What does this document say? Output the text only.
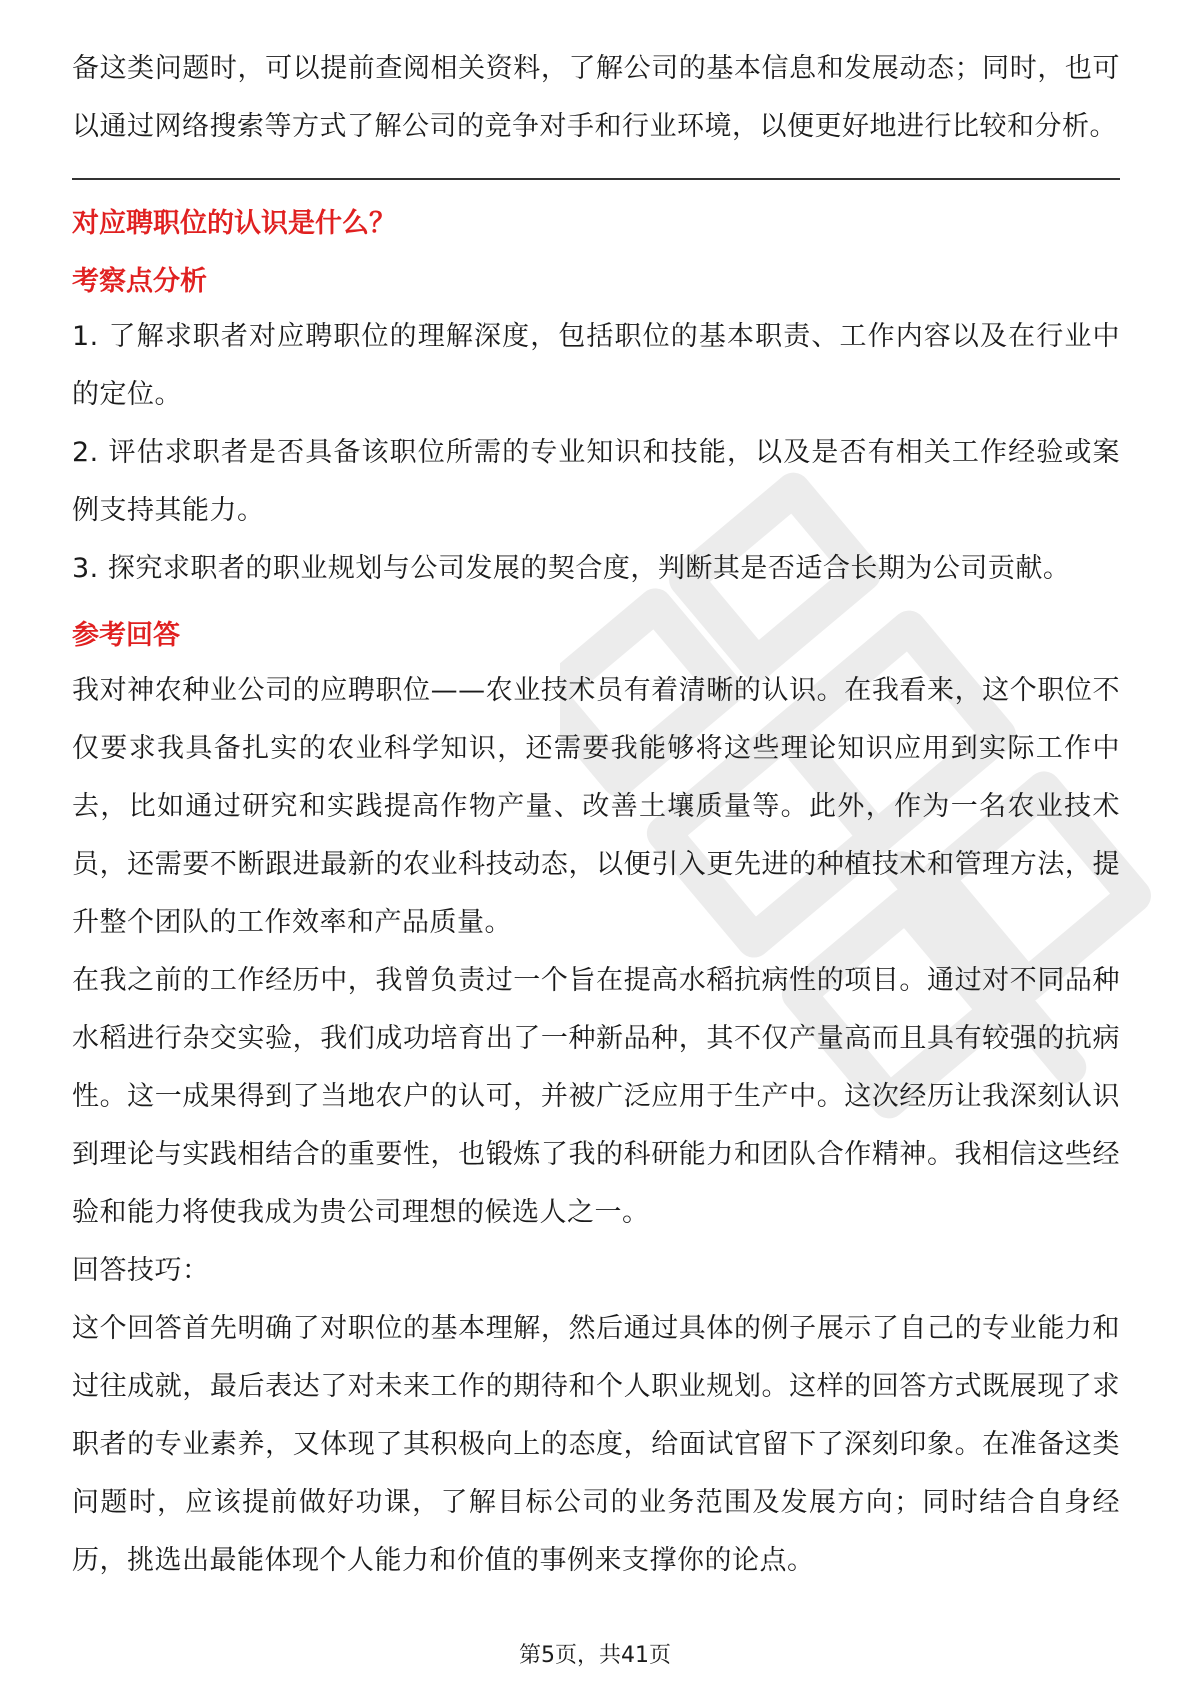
备这类问题时，可以提前查阅相关资料，了解公司的基本信息和发展动态；同时，也可以通过网络搜索等方式了解公司的竞争对手和行业环境，以便更好地进行比较和分析。

对应聘职位的认识是什么？
考察点分析

1. 了解求职者对应聘职位的理解深度，包括职位的基本职责、工作内容以及在行业中的定位。

2. 评估求职者是否具备该职位所需的专业知识和技能，以及是否有相关工作经验或案例支持其能力。

3. 探究求职者的职业规划与公司发展的契合度，判断其是否适合长期为公司贡献。

参考回答

我对神农种业公司的应聘职位——农业技术员有着清晰的认识。在我看来，这个职位不仅要求我具备扎实的农业科学知识，还需要我能够将这些理论知识应用到实际工作中去，比如通过研究和实践提高作物产量、改善土壤质量等。此外，作为一名农业技术员，还需要不断跟进最新的农业科技动态，以便引入更先进的种植技术和管理方法，提升整个团队的工作效率和产品质量。

在我之前的工作经历中，我曾负责过一个旨在提高水稻抗病性的项目。通过对不同品种水稻进行杂交实验，我们成功培育出了一种新品种，其不仅产量高而且具有较强的抗病性。这一成果得到了当地农户的认可，并被广泛应用于生产中。这次经历让我深刻认识到理论与实践相结合的重要性，也锻炼了我的科研能力和团队合作精神。我相信这些经验和能力将使我成为贵公司理想的候选人之一。

回答技巧：

这个回答首先明确了对职位的基本理解，然后通过具体的例子展示了自己的专业能力和过往成就，最后表达了对未来工作的期待和个人职业规划。这样的回答方式既展现了求职者的专业素养，又体现了其积极向上的态度，给面试官留下了深刻印象。在准备这类问题时，应该提前做好功课，了解目标公司的业务范围及发展方向；同时结合自身经历，挑选出最能体现个人能力和价值的事例来支撑你的论点。

第5页，共41页
